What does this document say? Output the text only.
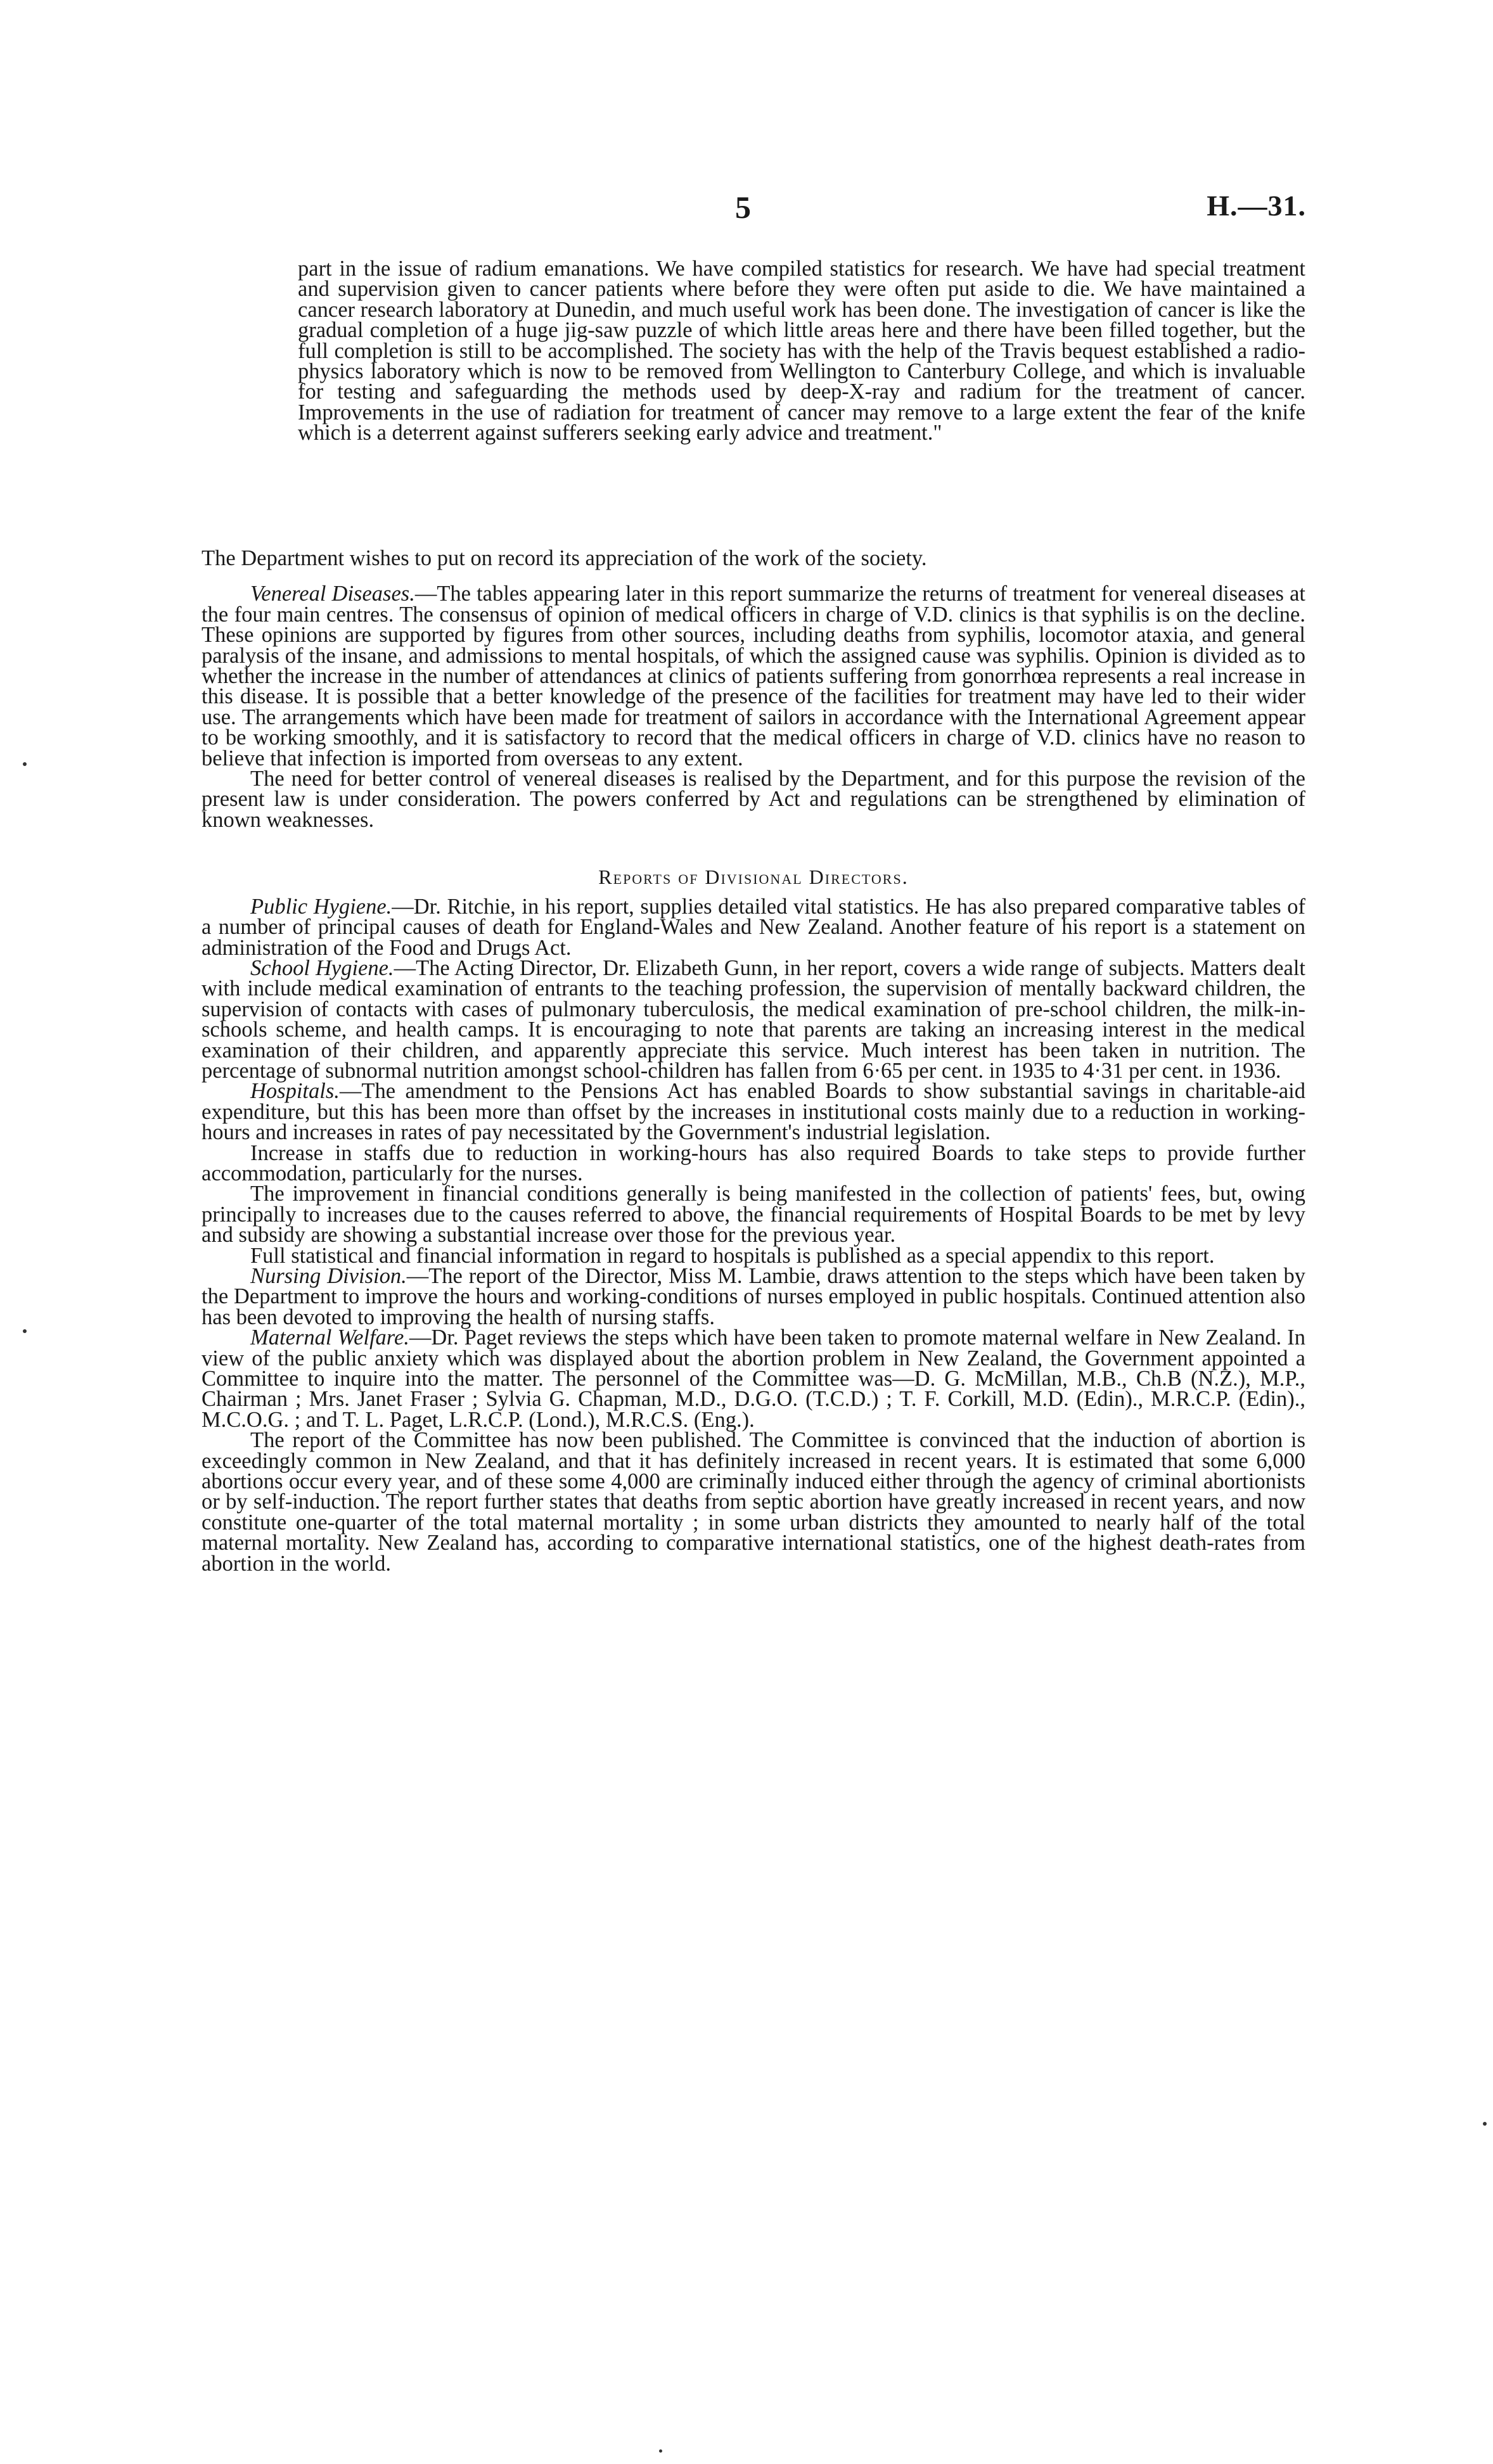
5	H.—31.
part in the issue of radium emanations. We have compiled statistics for research. We have had special treatment and supervision given to cancer patients where before they were often put aside to die. We have maintained a cancer research laboratory at Dunedin, and much useful work has been done. The investigation of cancer is like the gradual completion of a huge jig-saw puzzle of which little areas here and there have been filled together, but the full completion is still to be accomplished. The society has with the help of the Travis bequest established a radio-physics laboratory which is now to be removed from Wellington to Canterbury College, and which is invaluable for testing and safeguarding the methods used by deep-X-ray and radium for the treatment of cancer. Improvements in the use of radiation for treatment of cancer may remove to a large extent the fear of the knife which is a deterrent against sufferers seeking early advice and treatment."

The Department wishes to put on record its appreciation of the work of the society.

Venereal Diseases.—The tables appearing later in this report summarize the returns of treatment for venereal diseases at the four main centres. The consensus of opinion of medical officers in charge of V.D. clinics is that syphilis is on the decline. These opinions are supported by figures from other sources, including deaths from syphilis, locomotor ataxia, and general paralysis of the insane, and admissions to mental hospitals, of which the assigned cause was syphilis. Opinion is divided as to whether the increase in the number of attendances at clinics of patients suffering from gonorrhœa represents a real increase in this disease. It is possible that a better knowledge of the presence of the facilities for treatment may have led to their wider use. The arrangements which have been made for treatment of sailors in accordance with the International Agreement appear to be working smoothly, and it is satisfactory to record that the medical officers in charge of V.D. clinics have no reason to believe that infection is imported from overseas to any extent.

The need for better control of venereal diseases is realised by the Department, and for this purpose the revision of the present law is under consideration. The powers conferred by Act and regulations can be strengthened by elimination of known weaknesses.

Reports of Divisional Directors.

Public Hygiene.—Dr. Ritchie, in his report, supplies detailed vital statistics. He has also prepared comparative tables of a number of principal causes of death for England-Wales and New Zealand. Another feature of his report is a statement on administration of the Food and Drugs Act.

School Hygiene.—The Acting Director, Dr. Elizabeth Gunn, in her report, covers a wide range of subjects. Matters dealt with include medical examination of entrants to the teaching profession, the supervision of mentally backward children, the supervision of contacts with cases of pulmonary tuberculosis, the medical examination of pre-school children, the milk-in-schools scheme, and health camps. It is encouraging to note that parents are taking an increasing interest in the medical examination of their children, and apparently appreciate this service. Much interest has been taken in nutrition. The percentage of subnormal nutrition amongst school-children has fallen from 6·65 per cent. in 1935 to 4·31 per cent. in 1936.

Hospitals.—The amendment to the Pensions Act has enabled Boards to show substantial savings in charitable-aid expenditure, but this has been more than offset by the increases in institutional costs mainly due to a reduction in working-hours and increases in rates of pay necessitated by the Government's industrial legislation.

Increase in staffs due to reduction in working-hours has also required Boards to take steps to provide further accommodation, particularly for the nurses.

The improvement in financial conditions generally is being manifested in the collection of patients' fees, but, owing principally to increases due to the causes referred to above, the financial requirements of Hospital Boards to be met by levy and subsidy are showing a substantial increase over those for the previous year.

Full statistical and financial information in regard to hospitals is published as a special appendix to this report.

Nursing Division.—The report of the Director, Miss M. Lambie, draws attention to the steps which have been taken by the Department to improve the hours and working-conditions of nurses employed in public hospitals. Continued attention also has been devoted to improving the health of nursing staffs.

Maternal Welfare.—Dr. Paget reviews the steps which have been taken to promote maternal welfare in New Zealand. In view of the public anxiety which was displayed about the abortion problem in New Zealand, the Government appointed a Committee to inquire into the matter. The personnel of the Committee was—D. G. McMillan, M.B., Ch.B (N.Z.), M.P., Chairman ; Mrs. Janet Fraser ; Sylvia G. Chapman, M.D., D.G.O. (T.C.D.) ; T. F. Corkill, M.D. (Edin)., M.R.C.P. (Edin)., M.C.O.G. ; and T. L. Paget, L.R.C.P. (Lond.), M.R.C.S. (Eng.).

The report of the Committee has now been published. The Committee is convinced that the induction of abortion is exceedingly common in New Zealand, and that it has definitely increased in recent years. It is estimated that some 6,000 abortions occur every year, and of these some 4,000 are criminally induced either through the agency of criminal abortionists or by self-induction. The report further states that deaths from septic abortion have greatly increased in recent years, and now constitute one-quarter of the total maternal mortality ; in some urban districts they amounted to nearly half of the total maternal mortality. New Zealand has, according to comparative international statistics, one of the highest death-rates from abortion in the world.
